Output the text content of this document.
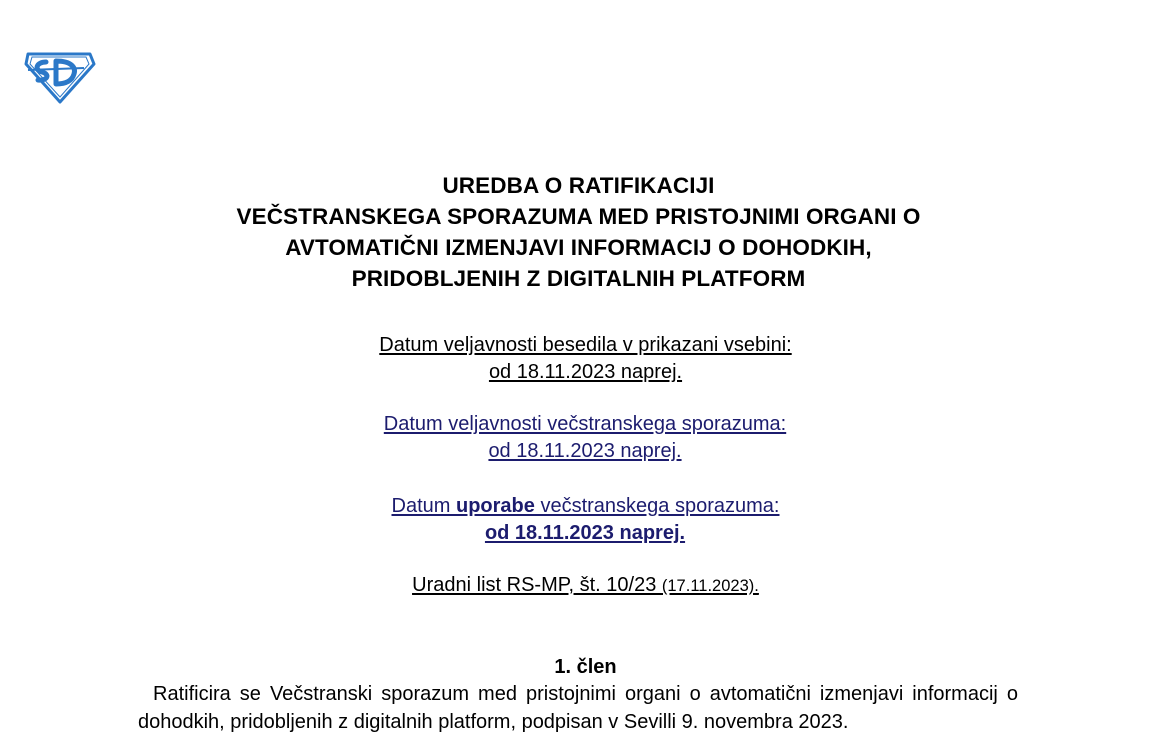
UREDBA O RATIFIKACIJI
VEČSTRANSKEGA SPORAZUMA MED PRISTOJNIMI ORGANI O
AVTOMATIČNI IZMENJAVI INFORMACIJ O DOHODKIH,
PRIDOBLJENIH Z DIGITALNIH PLATFORM
Datum veljavnosti besedila v prikazani vsebini:
od 18.11.2023 naprej.
Datum veljavnosti večstranskega sporazuma:
od 18.11.2023 naprej.
Datum uporabe večstranskega sporazuma:
od 18.11.2023 naprej.
Uradni list RS-MP, št. 10/23 (17.11.2023).
1. člen
Ratificira se Večstranski sporazum med pristojnimi organi o avtomatični izmenjavi informacij o dohodkih, pridobljenih z digitalnih platform, podpisan v Sevilli 9. novembra 2023.
